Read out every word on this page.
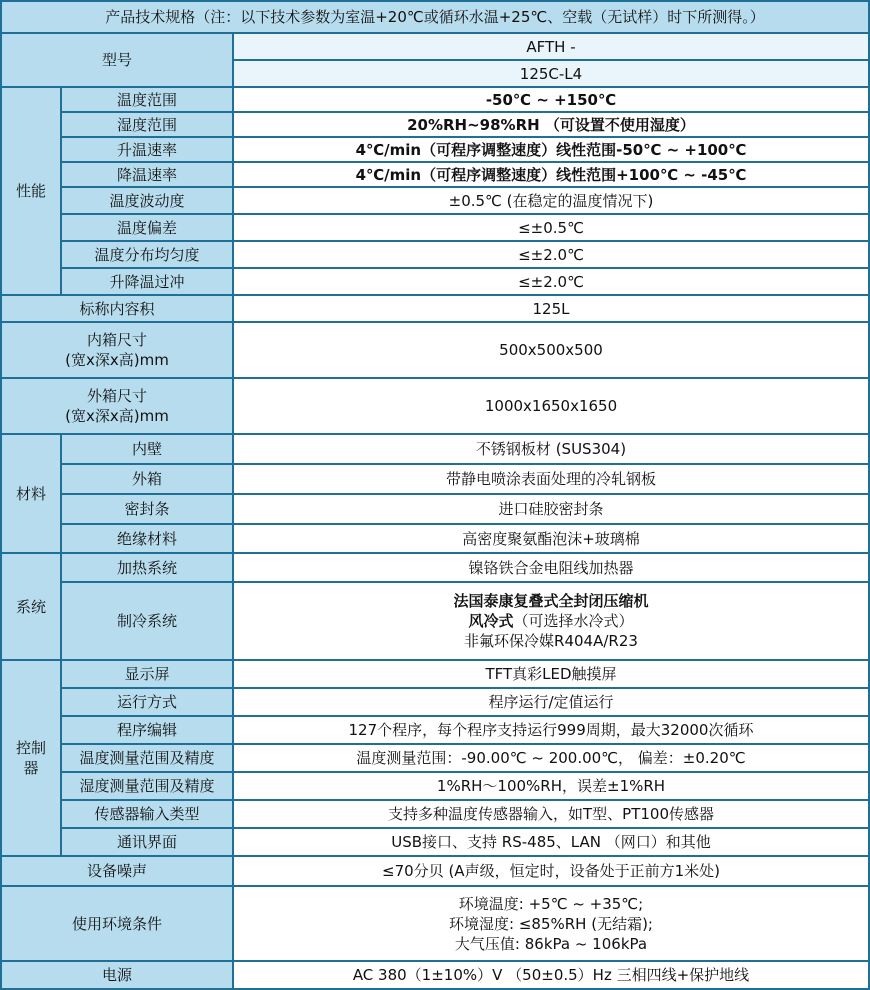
产品技术规格（注：以下技术参数为室温+20℃或循环水温+25℃、空载（无试样）时下所测得。）		
型号		AFTH -
		125C-L4
性能	温度范围	-50℃ ~ +150℃
	湿度范围	20%RH~98%RH （可设置不使用湿度）
	升温速率	4℃/min（可程序调整速度）线性范围-50℃ ~ +100℃
	降温速率	4℃/min（可程序调整速度）线性范围+100℃ ~ -45℃
	温度波动度	±0.5℃ (在稳定的温度情况下)
	温度偏差	≤±0.5℃
	温度分布均匀度	≤±2.0℃
	升降温过冲	≤±2.0℃
标称内容积		125L

内箱尺寸
(宽x深x高)mm		500x500x500

外箱尺寸
(宽x深x高)mm		1000x1650x1650
材料	内壁	不锈钢板材 (SUS304)
	外箱	带静电喷涂表面处理的冷轧钢板
	密封条	进口硅胶密封条
	绝缘材料	高密度聚氨酯泡沫+玻璃棉
系统	加热系统	镍铬铁合金电阻线加热器
	制冷系统	法国泰康复叠式全封闭压缩机
风冷式（可选择水冷式）
非氟环保冷媒R404A/R23

控制
器	显示屏	TFT真彩LED触摸屏
	运行方式	程序运行/定值运行
	程序编辑	127个程序，每个程序支持运行999周期，最大32000次循环
	温度测量范围及精度	温度测量范围：-90.00℃ ~ 200.00℃， 偏差：±0.20℃
	湿度测量范围及精度	1%RH～100%RH，误差±1%RH
	传感器输入类型	支持多种温度传感器输入，如T型、PT100传感器
	通讯界面	USB接口、支持 RS-485、LAN （网口）和其他
设备噪声		≤70分贝 (A声级，恒定时，设备处于正前方1米处)
使用环境条件		环境温度: +5℃ ~ +35℃;
环境湿度: ≤85%RH (无结霜);
大气压值: 86kPa ~ 106kPa

电源		AC 380（1±10%）V （50±0.5）Hz 三相四线+保护地线
